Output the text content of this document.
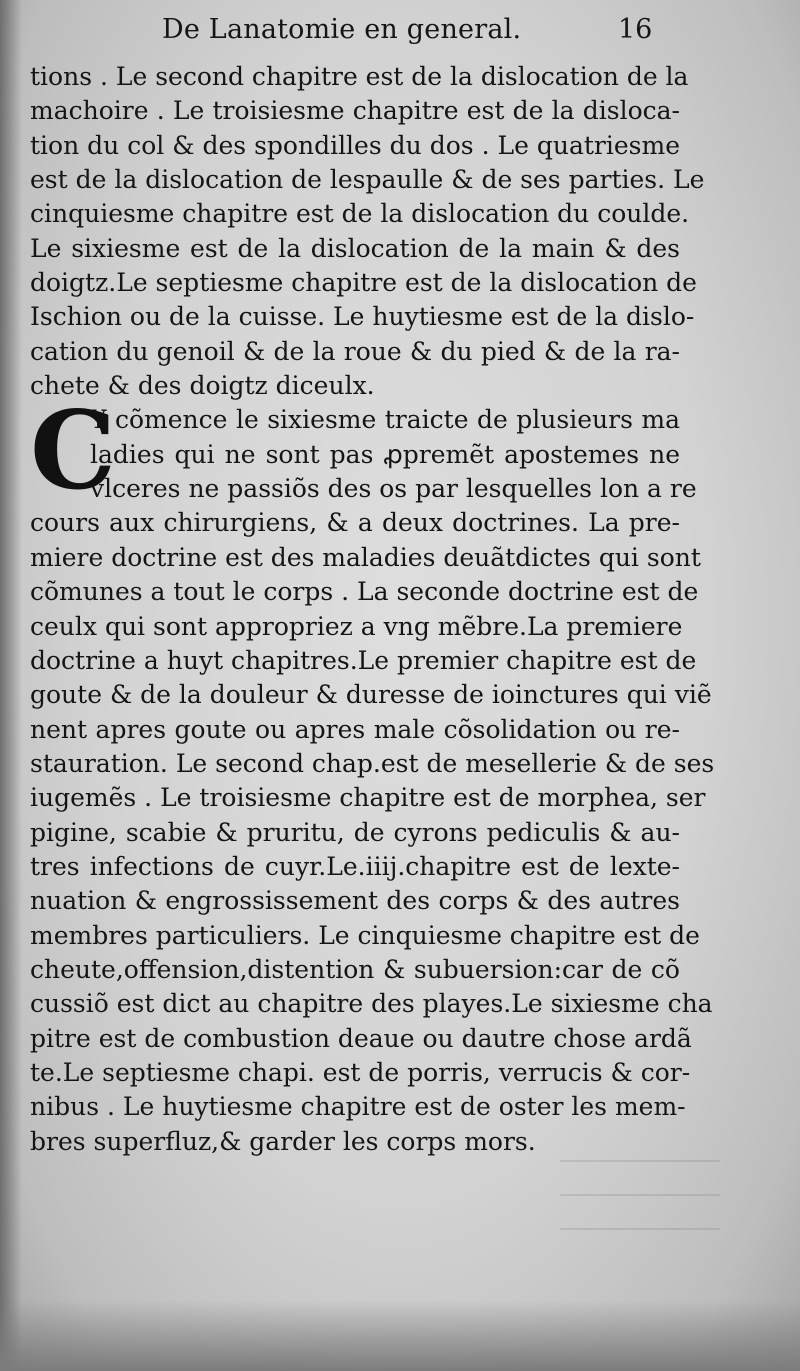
De Lanatomie en general.	16
tions . Le second chapitre est de la dislocation de la
machoire . Le troisiesme chapitre est de la disloca-
tion du col & des spondilles du dos . Le quatriesme
est de la dislocation de lespaulle & de ses parties. Le
cinquiesme chapitre est de la dislocation du coulde.
Le sixiesme est de la dislocation de la main & des
doigtz.Le septiesme chapitre est de la dislocation de
Ischion ou de la cuisse. Le huytiesme est de la dislo-
cation du genoil & de la roue & du pied & de la ra-
chete & des doigtz diceulx.
C
Y cõmence le sixiesme traicte de plusieurs ma
ladies qui ne sont pas ꝓpremẽt apostemes ne
vlceres ne passiõs des os par lesquelles lon a re
cours aux chirurgiens, & a deux doctrines. La pre-
miere doctrine est des maladies deuãtdictes qui sont
cõmunes a tout le corps . La seconde doctrine est de
ceulx qui sont appropriez a vng mẽbre.La premiere
doctrine a huyt chapitres.Le premier chapitre est de
goute & de la douleur & duresse de ioinctures qui viẽ
nent apres goute ou apres male cõsolidation ou re-
stauration. Le second chap.est de mesellerie & de ses
iugemẽs . Le troisiesme chapitre est de morphea, ser
pigine, scabie & pruritu, de cyrons pediculis & au-
tres infections de cuyr.Le.iiij.chapitre est de lexte-
nuation & engrossissement des corps & des autres
membres particuliers. Le cinquiesme chapitre est de
cheute,offension,distention & subuersion:car de cõ
cussiõ est dict au chapitre des playes.Le sixiesme cha
pitre est de combustion deaue ou dautre chose ardã
te.Le septiesme chapi. est de porris, verrucis & cor-
nibus . Le huytiesme chapitre est de oster les mem-
bres superfluz,& garder les corps mors.
